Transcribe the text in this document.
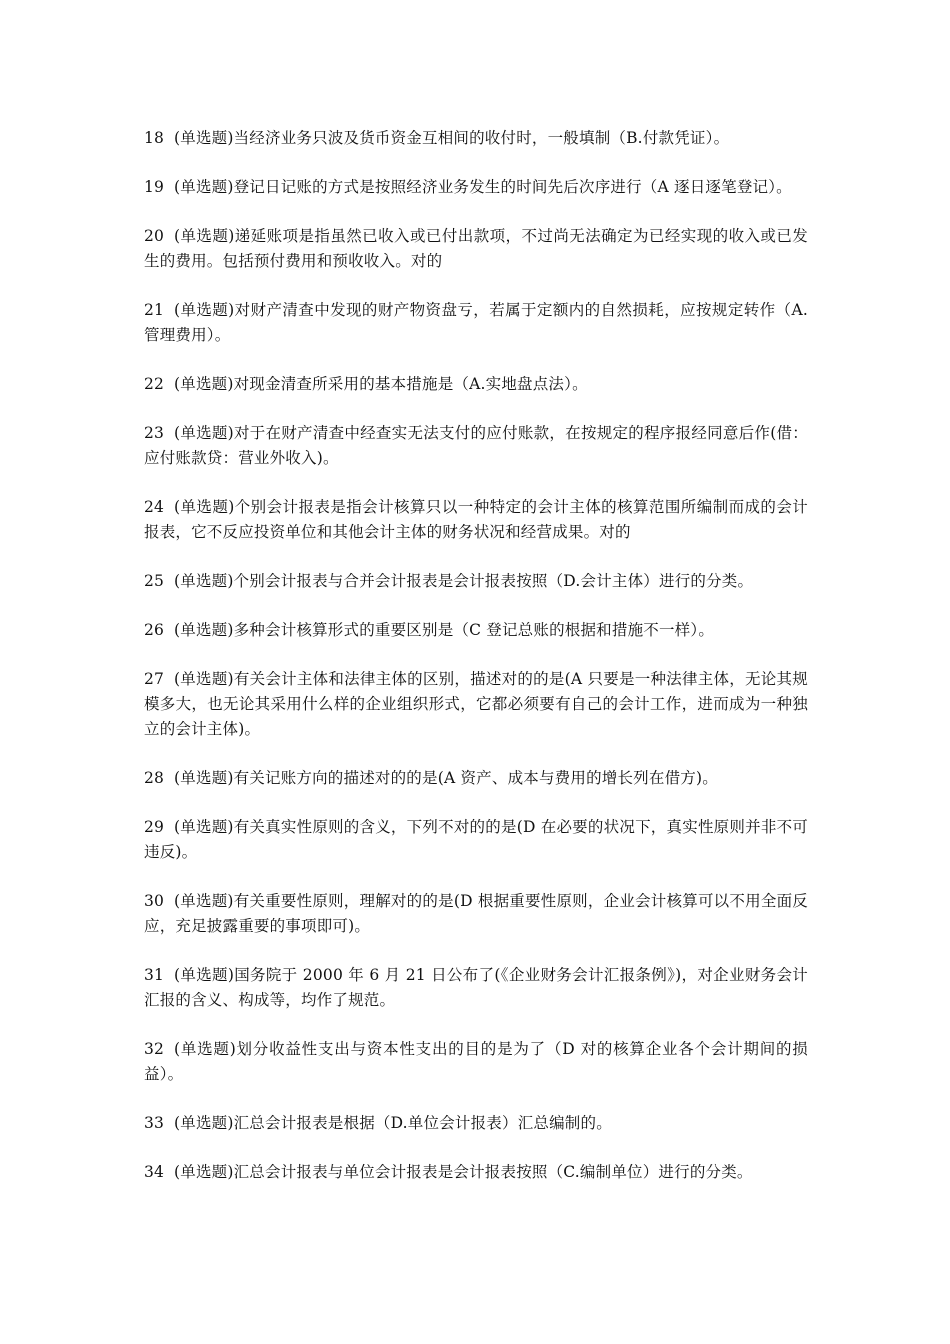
18 (单选题)当经济业务只波及货币资金互相间的收付时，一般填制（B.付款凭证）。

19 (单选题)登记日记账的方式是按照经济业务发生的时间先后次序进行（A 逐日逐笔登记）。

20 (单选题)递延账项是指虽然已收入或已付出款项，不过尚无法确定为已经实现的收入或已发生的费用。包括预付费用和预收收入。对的

21 (单选题)对财产清查中发现的财产物资盘亏，若属于定额内的自然损耗，应按规定转作（A.管理费用）。

22 (单选题)对现金清查所采用的基本措施是（A.实地盘点法）。

23 (单选题)对于在财产清查中经查实无法支付的应付账款，在按规定的程序报经同意后作(借：应付账款贷：营业外收入)。

24 (单选题)个别会计报表是指会计核算只以一种特定的会计主体的核算范围所编制而成的会计报表，它不反应投资单位和其他会计主体的财务状况和经营成果。对的

25 (单选题)个别会计报表与合并会计报表是会计报表按照（D.会计主体）进行的分类。

26 (单选题)多种会计核算形式的重要区别是（C 登记总账的根据和措施不一样）。

27 (单选题)有关会计主体和法律主体的区别，描述对的的是(A 只要是一种法律主体，无论其规模多大，也无论其采用什么样的企业组织形式，它都必须要有自己的会计工作，进而成为一种独立的会计主体)。

28 (单选题)有关记账方向的描述对的的是(A 资产、成本与费用的增长列在借方)。

29 (单选题)有关真实性原则的含义，下列不对的的是(D 在必要的状况下，真实性原则并非不可违反)。

30 (单选题)有关重要性原则，理解对的的是(D 根据重要性原则，企业会计核算可以不用全面反应，充足披露重要的事项即可)。

31 (单选题)国务院于 2000 年 6 月 21 日公布了(《企业财务会计汇报条例》)，对企业财务会计汇报的含义、构成等，均作了规范。

32 (单选题)划分收益性支出与资本性支出的目的是为了（D 对的核算企业各个会计期间的损益）。

33 (单选题)汇总会计报表是根据（D.单位会计报表）汇总编制的。

34 (单选题)汇总会计报表与单位会计报表是会计报表按照（C.编制单位）进行的分类。
